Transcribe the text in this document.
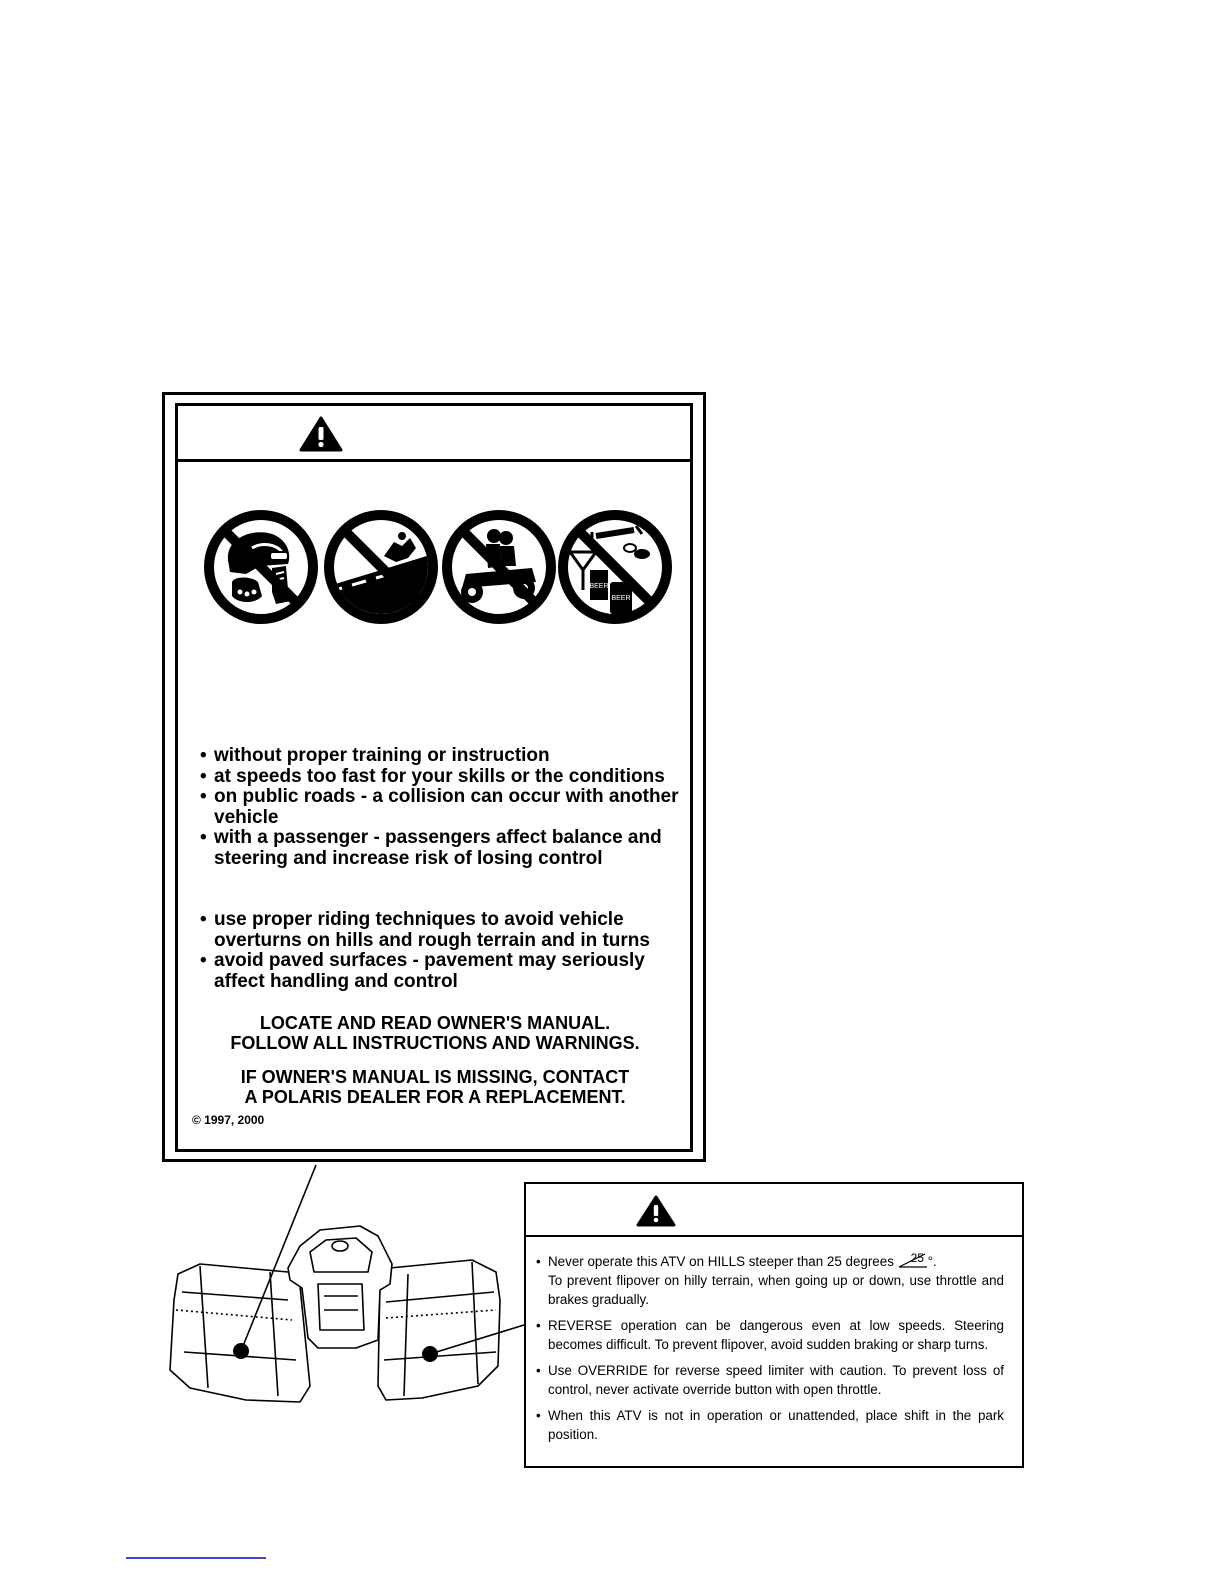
BEER
BEER
• without proper training or instruction
• at speeds too fast for your skills or the conditions
• on public roads - a collision can occur with another vehicle
• with a passenger - passengers affect balance and steering and increase risk of losing control
• use proper riding techniques to avoid vehicle overturns on hills and rough terrain and in turns
• avoid paved surfaces - pavement may seriously affect handling and control
LOCATE AND READ OWNER'S MANUAL.
FOLLOW ALL INSTRUCTIONS AND WARNINGS.
IF OWNER'S MANUAL IS MISSING, CONTACT
A POLARIS DEALER FOR A REPLACEMENT.
© 1997, 2000
• Never operate this ATV on HILLS steeper than 25 degrees 25 °.
To prevent flipover on hilly terrain, when going up or down, use throttle and brakes gradually.
• REVERSE operation can be dangerous even at low speeds. Steering becomes difficult. To prevent flipover, avoid sudden braking or sharp turns.
• Use OVERRIDE for reverse speed limiter with caution. To prevent loss of control, never activate override button with open throttle.
• When this ATV is not in operation or unattended, place shift in the park position.
